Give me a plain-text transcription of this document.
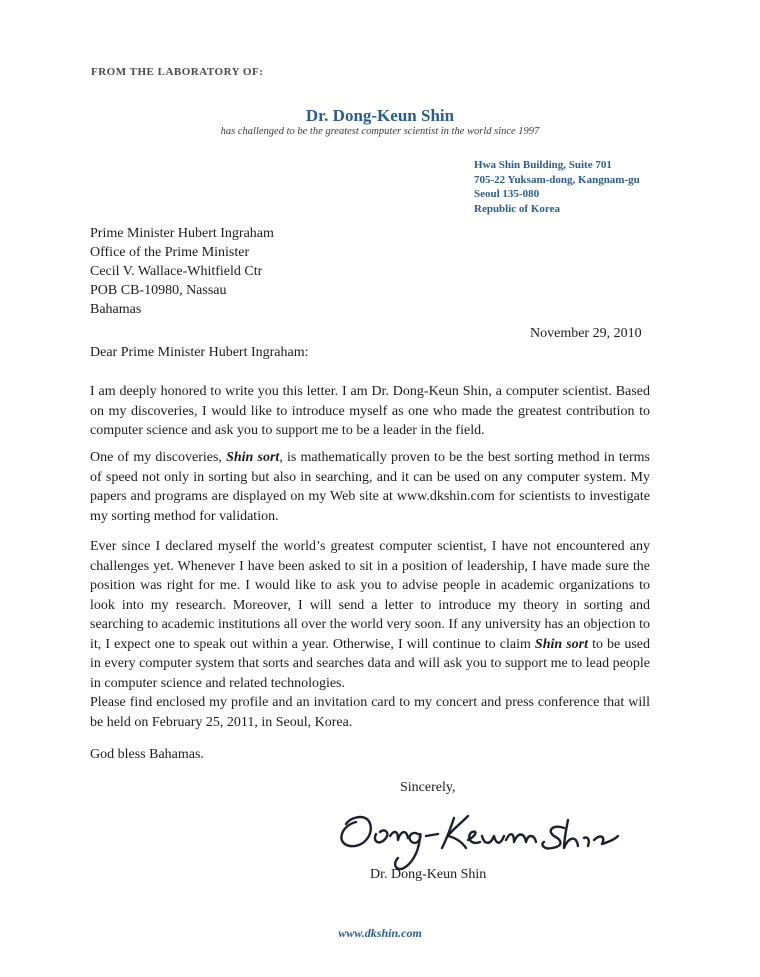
FROM THE LABORATORY OF:
Dr. Dong-Keun Shin
has challenged to be the greatest computer scientist in the world since 1997
Hwa Shin Building, Suite 701
705-22 Yuksam-dong, Kangnam-gu
Seoul 135-080
Republic of Korea
Prime Minister Hubert Ingraham
Office of the Prime Minister
Cecil V. Wallace-Whitfield Ctr
POB CB-10980, Nassau
Bahamas
November 29, 2010
Dear Prime Minister Hubert Ingraham:

I am deeply honored to write you this letter. I am Dr. Dong-Keun Shin, a computer scientist. Based on my discoveries, I would like to introduce myself as one who made the greatest contribution to computer science and ask you to support me to be a leader in the field.

One of my discoveries, Shin sort, is mathematically proven to be the best sorting method in terms of speed not only in sorting but also in searching, and it can be used on any computer system. My papers and programs are displayed on my Web site at www.dkshin.com for scientists to investigate my sorting method for validation.

Ever since I declared myself the world’s greatest computer scientist, I have not encountered any challenges yet. Whenever I have been asked to sit in a position of leadership, I have made sure the position was right for me. I would like to ask you to advise people in academic organizations to look into my research. Moreover, I will send a letter to introduce my theory in sorting and searching to academic institutions all over the world very soon. If any university has an objection to it, I expect one to speak out within a year. Otherwise, I will continue to claim Shin sort to be used in every computer system that sorts and searches data and will ask you to support me to lead people in computer science and related technologies.

Please find enclosed my profile and an invitation card to my concert and press conference that will be held on February 25, 2011, in Seoul, Korea.

God bless Bahamas.
Sincerely,
Dong-Keun Shin
Dr. Dong-Keun Shin
www.dkshin.com
